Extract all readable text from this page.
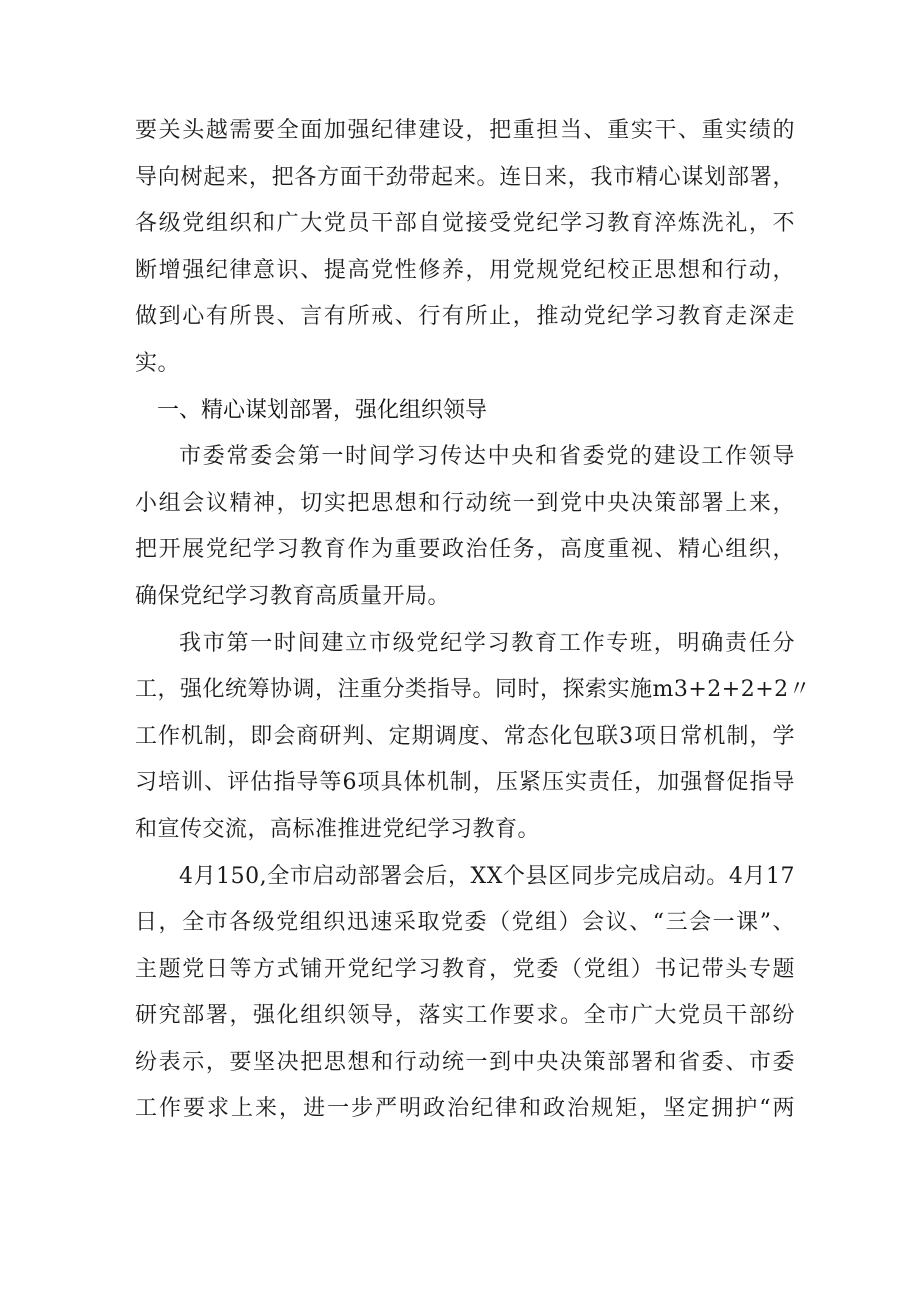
要关头越需要全面加强纪律建设，把重担当、重实干、重实绩的
导向树起来，把各方面干劲带起来。连日来，我市精心谋划部署，
各级党组织和广大党员干部自觉接受党纪学习教育淬炼洗礼，不
断增强纪律意识、提高党性修养，用党规党纪校正思想和行动，
做到心有所畏、言有所戒、行有所止，推动党纪学习教育走深走
实。
一、精心谋划部署，强化组织领导
市委常委会第一时间学习传达中央和省委党的建设工作领导
小组会议精神，切实把思想和行动统一到党中央决策部署上来，
把开展党纪学习教育作为重要政治任务，高度重视、精心组织，
确保党纪学习教育高质量开局。
我市第一时间建立市级党纪学习教育工作专班，明确责任分
工，强化统筹协调，注重分类指导。同时，探索实施m3+2+2+2〃
工作机制，即会商研判、定期调度、常态化包联3项日常机制，学
习培训、评估指导等6项具体机制，压紧压实责任，加强督促指导
和宣传交流，高标准推进党纪学习教育。
4月150,全市启动部署会后，XX个县区同步完成启动。4月17
日，全市各级党组织迅速采取党委（党组）会议、“三会一课”、
主题党日等方式铺开党纪学习教育，党委（党组）书记带头专题
研究部署，强化组织领导，落实工作要求。全市广大党员干部纷
纷表示，要坚决把思想和行动统一到中央决策部署和省委、市委
工作要求上来，进一步严明政治纪律和政治规矩，坚定拥护“两
